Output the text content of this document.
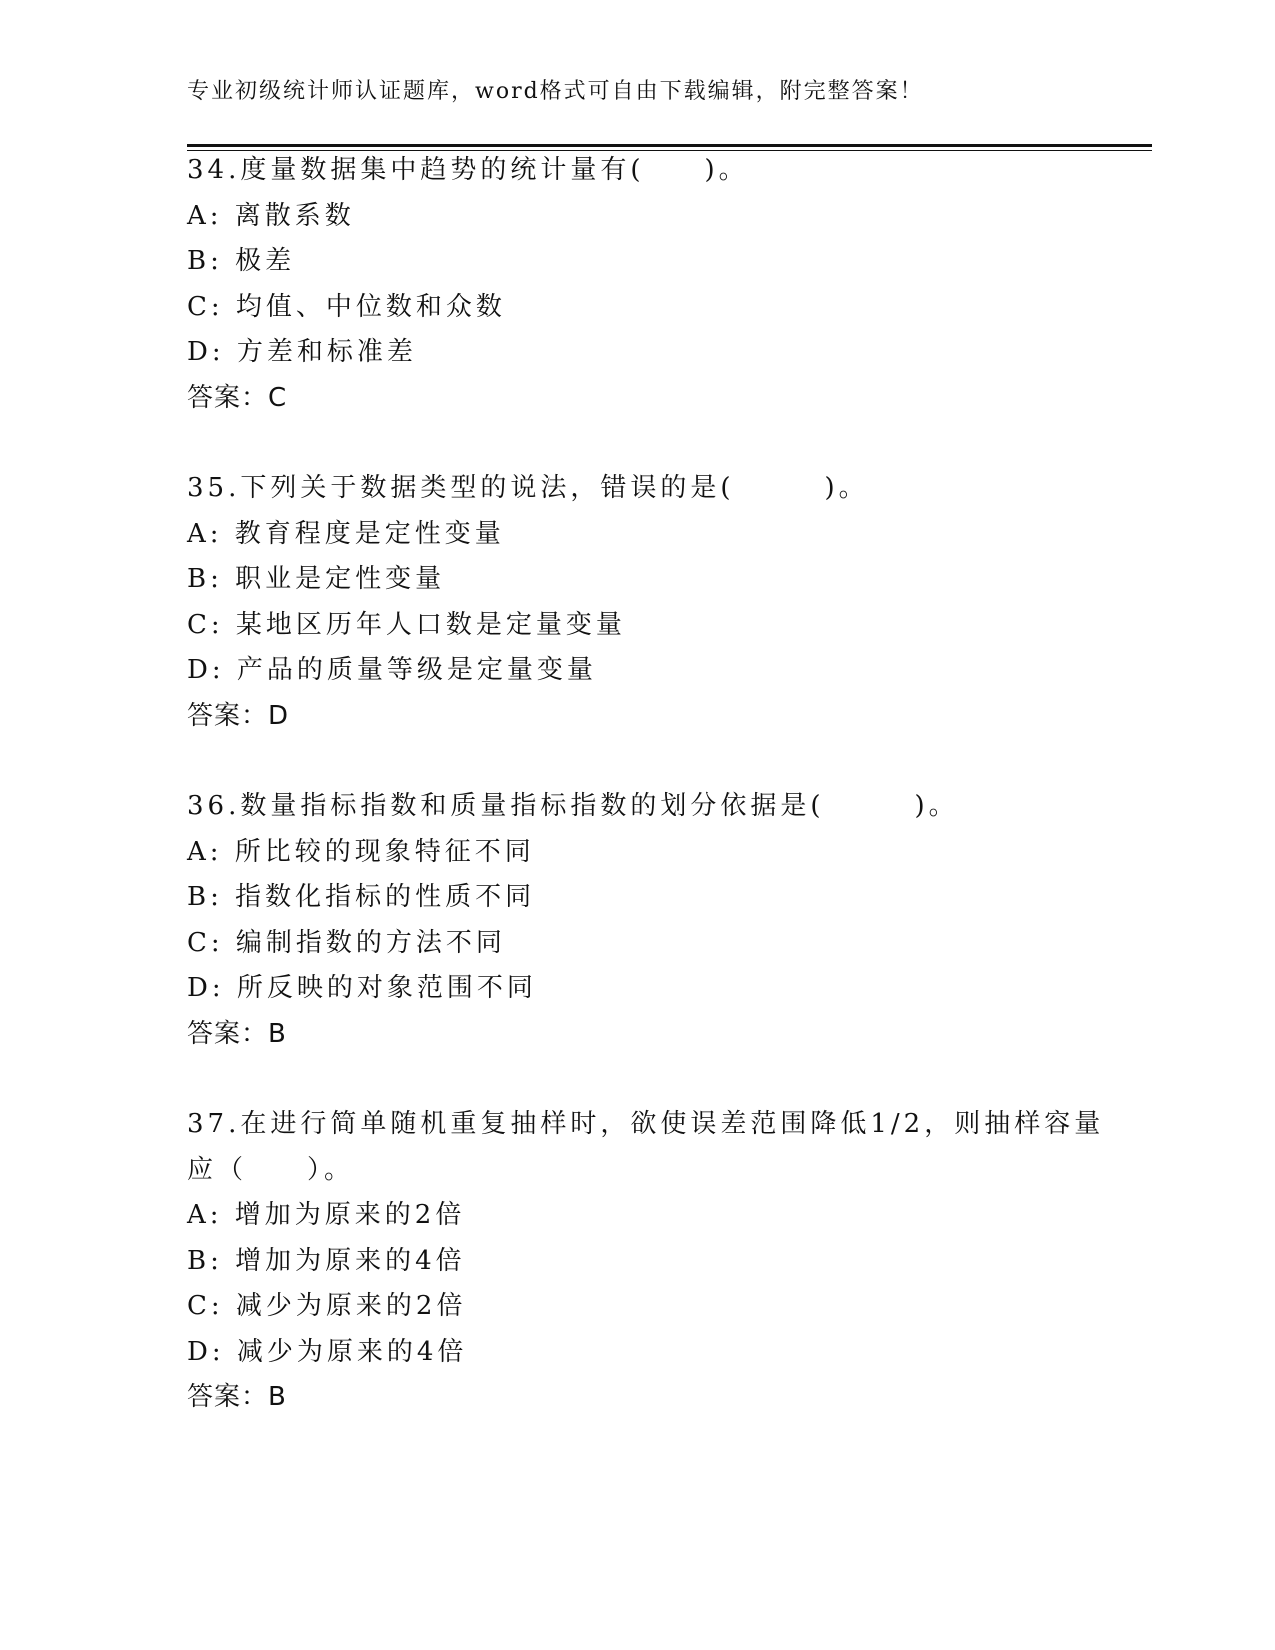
专业初级统计师认证题库，word格式可自由下载编辑，附完整答案！
34.度量数据集中趋势的统计量有(　　)。
A: 离散系数
B: 极差
C: 均值、中位数和众数
D: 方差和标准差
答案：C
35.下列关于数据类型的说法，错误的是(　　　)。
A: 教育程度是定性变量
B: 职业是定性变量
C: 某地区历年人口数是定量变量
D: 产品的质量等级是定量变量
答案：D
36.数量指标指数和质量指标指数的划分依据是(　　　)。
A: 所比较的现象特征不同
B: 指数化指标的性质不同
C: 编制指数的方法不同
D: 所反映的对象范围不同
答案：B
37.在进行简单随机重复抽样时，欲使误差范围降低1/2，则抽样容量
应（　　）。
A: 增加为原来的2倍
B: 增加为原来的4倍
C: 减少为原来的2倍
D: 减少为原来的4倍
答案：B
